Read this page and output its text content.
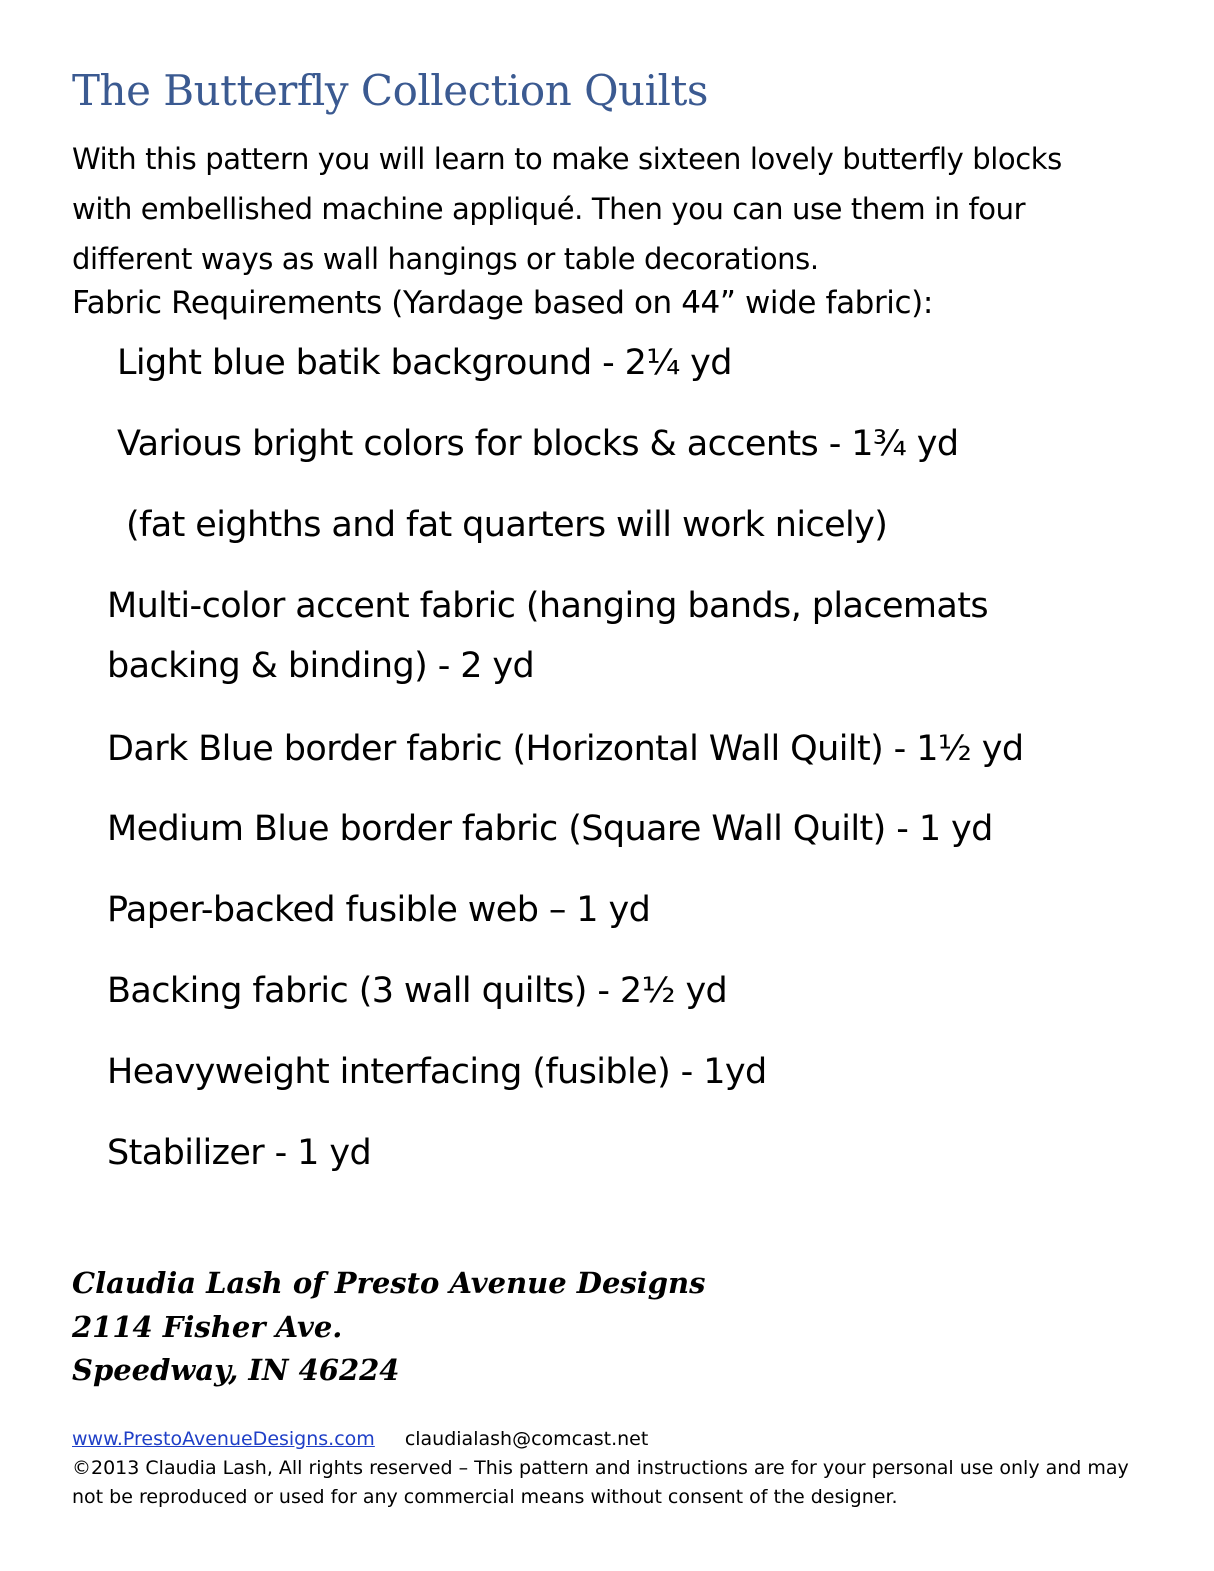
The Butterfly Collection Quilts
With this pattern you will learn to make sixteen lovely butterfly blocks
with embellished machine appliqué. Then you can use them in four
different ways as wall hangings or table decorations.
Fabric Requirements (Yardage based on 44” wide fabric):
Light blue batik background - 2¼ yd
Various bright colors for blocks & accents - 1¾ yd
(fat eighths and fat quarters will work nicely)
Multi-color accent fabric (hanging bands, placemats
backing & binding) - 2 yd
Dark Blue border fabric (Horizontal Wall Quilt) - 1½ yd
Medium Blue border fabric (Square Wall Quilt) - 1 yd
Paper-backed fusible web – 1 yd
Backing fabric (3 wall quilts) - 2½ yd
Heavyweight interfacing (fusible) - 1yd
Stabilizer - 1 yd
Claudia Lash of Presto Avenue Designs
2114 Fisher Ave.
Speedway, IN 46224
www.PrestoAvenueDesigns.com claudialash@comcast.net
©2013 Claudia Lash, All rights reserved – This pattern and instructions are for your personal use only and may
not be reproduced or used for any commercial means without consent of the designer.
